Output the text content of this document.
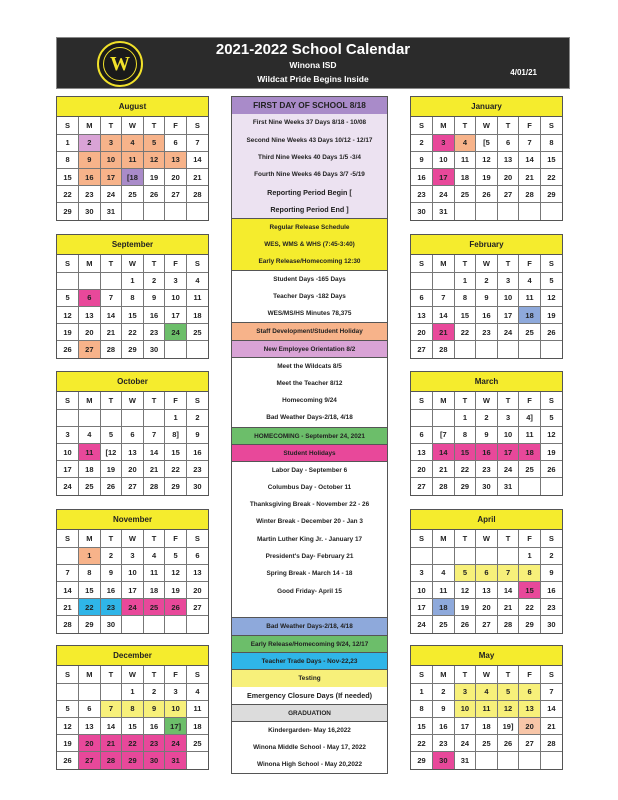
W
2021-2022 School Calendar
Winona ISD
Wildcat Pride Begins Inside
4/01/21
August
S	M	T	W	T	F	S
1	2	3	4	5	6	7
8	9	10	11	12	13	14
15	16	17	[18	19	20	21
22	23	24	25	26	27	28
29	30	31				
September
S	M	T	W	T	F	S
			1	2	3	4
5	6	7	8	9	10	11
12	13	14	15	16	17	18
19	20	21	22	23	24	25
26	27	28	29	30		
October
S	M	T	W	T	F	S
					1	2
3	4	5	6	7	8]	9
10	11	[12	13	14	15	16
17	18	19	20	21	22	23
24	25	26	27	28	29	30
November
S	M	T	W	T	F	S
	1	2	3	4	5	6
7	8	9	10	11	12	13
14	15	16	17	18	19	20
21	22	23	24	25	26	27
28	29	30				
December
S	M	T	W	T	F	S
			1	2	3	4
5	6	7	8	9	10	11
12	13	14	15	16	17]	18
19	20	21	22	23	24	25
26	27	28	29	30	31	
January
S	M	T	W	T	F	S
2	3	4	[5	6	7	8
9	10	11	12	13	14	15
16	17	18	19	20	21	22
23	24	25	26	27	28	29
30	31					
February
S	M	T	W	T	F	S
		1	2	3	4	5
6	7	8	9	10	11	12
13	14	15	16	17	18	19
20	21	22	23	24	25	26
27	28					
March
S	M	T	W	T	F	S
		1	2	3	4]	5
6	[7	8	9	10	11	12
13	14	15	16	17	18	19
20	21	22	23	24	25	26
27	28	29	30	31		
April
S	M	T	W	T	F	S
					1	2
3	4	5	6	7	8	9
10	11	12	13	14	15	16
17	18	19	20	21	22	23
24	25	26	27	28	29	30
May
S	M	T	W	T	F	S
1	2	3	4	5	6	7
8	9	10	11	12	13	14
15	16	17	18	19]	20	21
22	23	24	25	26	27	28
29	30	31				
FIRST DAY OF SCHOOL 8/18
First Nine Weeks 37 Days 8/18 - 10/08
Second Nine Weeks 43 Days 10/12 - 12/17
Third Nine Weeks 40 Days 1/5 -3/4
Fourth Nine Weeks 46 Days 3/7 -5/19
Reporting Period Begin [
Reporting Period End ]
Regular Release Schedule
WES, WMS & WHS (7:45-3:40)
Early Release/Homecoming 12:30
Student Days -165 Days
Teacher Days -182 Days
WES/MS/HS Minutes 78,375
Staff Development/Student Holiday
New Employee Orientation 8/2
Meet the Wildcats 8/5
Meet the Teacher 8/12
Homecoming 9/24
Bad Weather Days-2/18, 4/18
HOMECOMING - September 24, 2021
Student Holidays
Labor Day - September 6
Columbus Day - October 11
Thanksgiving Break - November 22 - 26
Winter Break - December 20 - Jan 3
Martin Luther King Jr. - January 17
President's Day- February 21
Spring Break - March 14 - 18
Good Friday- April 15
Bad Weather Days-2/18, 4/18
Early Release/Homecoming 9/24, 12/17
Teacher Trade Days - Nov-22,23
Testing
Emergency Closure Days (If needed)
GRADUATION
Kindergarden- May 16,2022
Winona Middle School - May 17, 2022
Winona High School - May 20,2022
